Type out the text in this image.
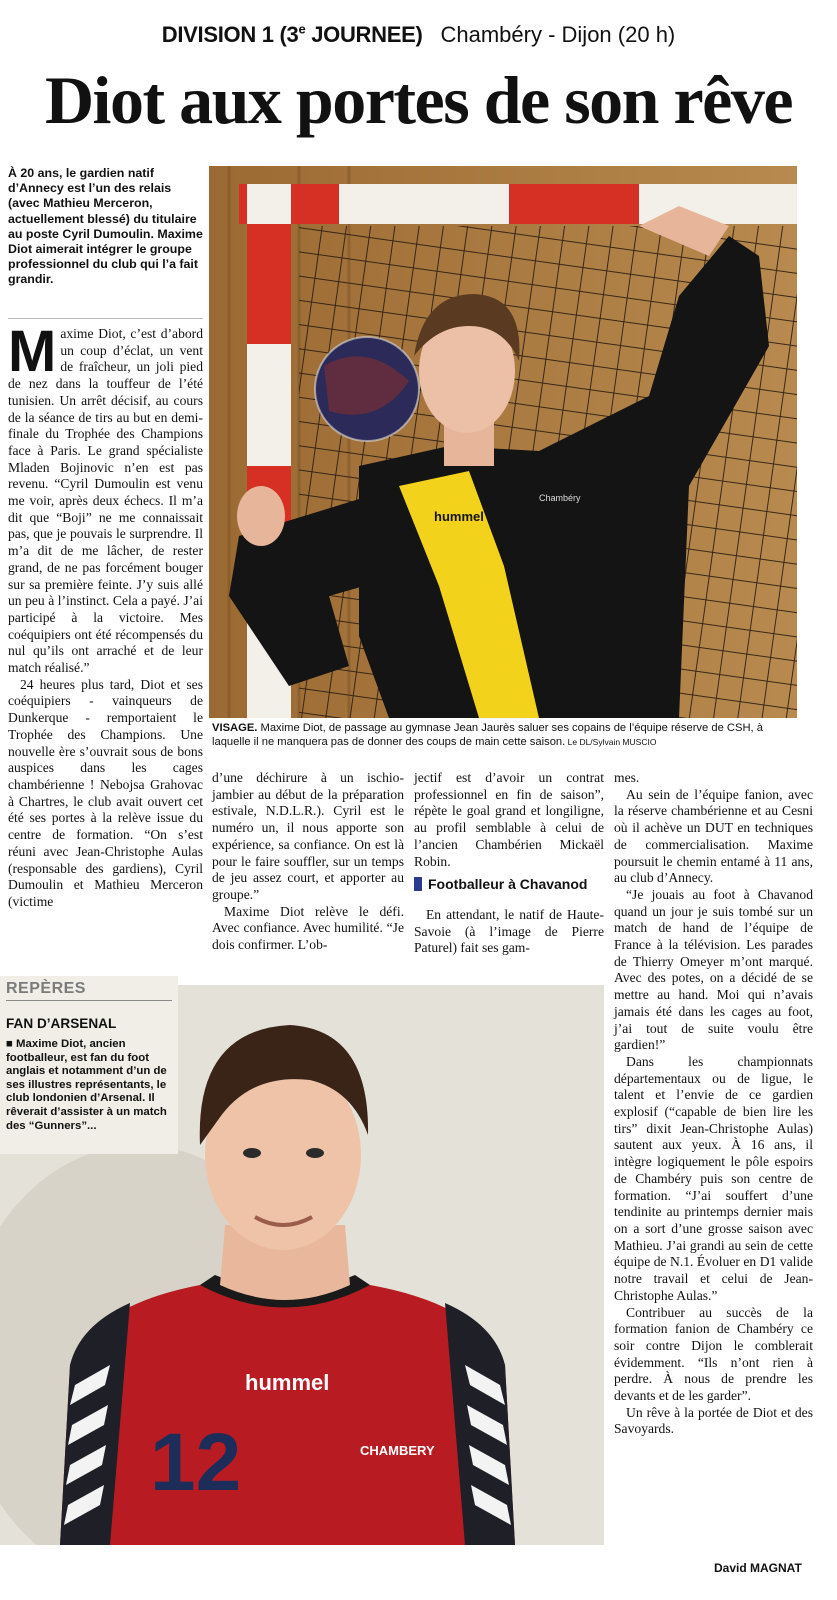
DIVISION 1 (3e JOURNEE) Chambéry - Dijon (20 h)
Diot aux portes de son rêve
À 20 ans, le gardien natif d’Annecy est l’un des relais (avec Mathieu Merceron, actuellement blessé) du titulaire au poste Cyril Dumoulin. Maxime Diot aimerait intégrer le groupe professionnel du club qui l’a fait grandir.

Maxime Diot, c’est d’abord un coup d’éclat, un vent de fraîcheur, un joli pied de nez dans la touffeur de l’été tunisien. Un arrêt décisif, au cours de la séance de tirs au but en demi-finale du Trophée des Champions face à Paris. Le grand spécialiste Mladen Bojinovic n’en est pas revenu. “Cyril Dumoulin est venu me voir, après deux échecs. Il m’a dit que “Boji” ne me connaissait pas, que je pouvais le surprendre. Il m’a dit de me lâcher, de rester grand, de ne pas forcément bouger sur sa première feinte. J’y suis allé un peu à l’instinct. Cela a payé. J’ai participé à la victoire. Mes coéquipiers ont été récompensés du nul qu’ils ont arraché et de leur match réalisé.”

24 heures plus tard, Diot et ses coéquipiers - vainqueurs de Dunkerque - remportaient le Trophée des Champions. Une nouvelle ère s’ouvrait sous de bons auspices dans les cages chambérienne ! Nebojsa Grahovac à Chartres, le club avait ouvert cet été ses portes à la relève issue du centre de formation. “On s’est réuni avec Jean-Christophe Aulas (responsable des gardiens), Cyril Dumoulin et Mathieu Merceron (victime

hummel
Chambéry
VISAGE. Maxime Diot, de passage au gymnase Jean Jaurès saluer ses copains de l’équipe réserve de CSH, à laquelle il ne manquera pas de donner des coups de main cette saison. Le DL/Sylvain MUSCIO

d’une déchirure à un ischio-jambier au début de la préparation estivale, N.D.L.R.). Cyril est le numéro un, il nous apporte son expérience, sa confiance. On est là pour le faire souffler, sur un temps de jeu assez court, et apporter au groupe.”

Maxime Diot relève le défi. Avec confiance. Avec humilité. “Je dois confirmer. L’ob-

jectif est d’avoir un contrat professionnel en fin de saison”, répète le goal grand et longiligne, au profil semblable à celui de l’ancien Chambérien Mickaël Robin.

Footballeur à Chavanod

En attendant, le natif de Haute-Savoie (à l’image de Pierre Paturel) fait ses gam-

mes.

Au sein de l’équipe fanion, avec la réserve chambérienne et au Cesni où il achève un DUT en techniques de commercialisation. Maxime poursuit le chemin entamé à 11 ans, au club d’Annecy.

“Je jouais au foot à Chavanod quand un jour je suis tombé sur un match de hand de l’équipe de France à la télévision. Les parades de Thierry Omeyer m’ont marqué. Avec des potes, on a décidé de se mettre au hand. Moi qui n’avais jamais été dans les cages au foot, j’ai tout de suite voulu être gardien!”

Dans les championnats départementaux ou de ligue, le talent et l’envie de ce gardien explosif (“capable de bien lire les tirs” dixit Jean-Christophe Aulas) sautent aux yeux. À 16 ans, il intègre logiquement le pôle espoirs de Chambéry puis son centre de formation. “J’ai souffert d’une tendinite au printemps dernier mais on a sort d’une grosse saison avec Mathieu. J’ai grandi au sein de cette équipe de N.1. Évoluer en D1 valide notre travail et celui de Jean-Christophe Aulas.”

Contribuer au succès de la formation fanion de Chambéry ce soir contre Dijon le comblerait évidemment. “Ils n’ont rien à perdre. À nous de prendre les devants et de les garder”.

Un rêve à la portée de Diot et des Savoyards.

hummel
12	CHAMBERY
REPÈRES
FAN D’ARSENAL
■ Maxime Diot, ancien footballeur, est fan du foot anglais et notamment d’un de ses illustres représentants, le club londonien d’Arsenal. Il rêverait d’assister à un match des “Gunners”...
David MAGNAT
